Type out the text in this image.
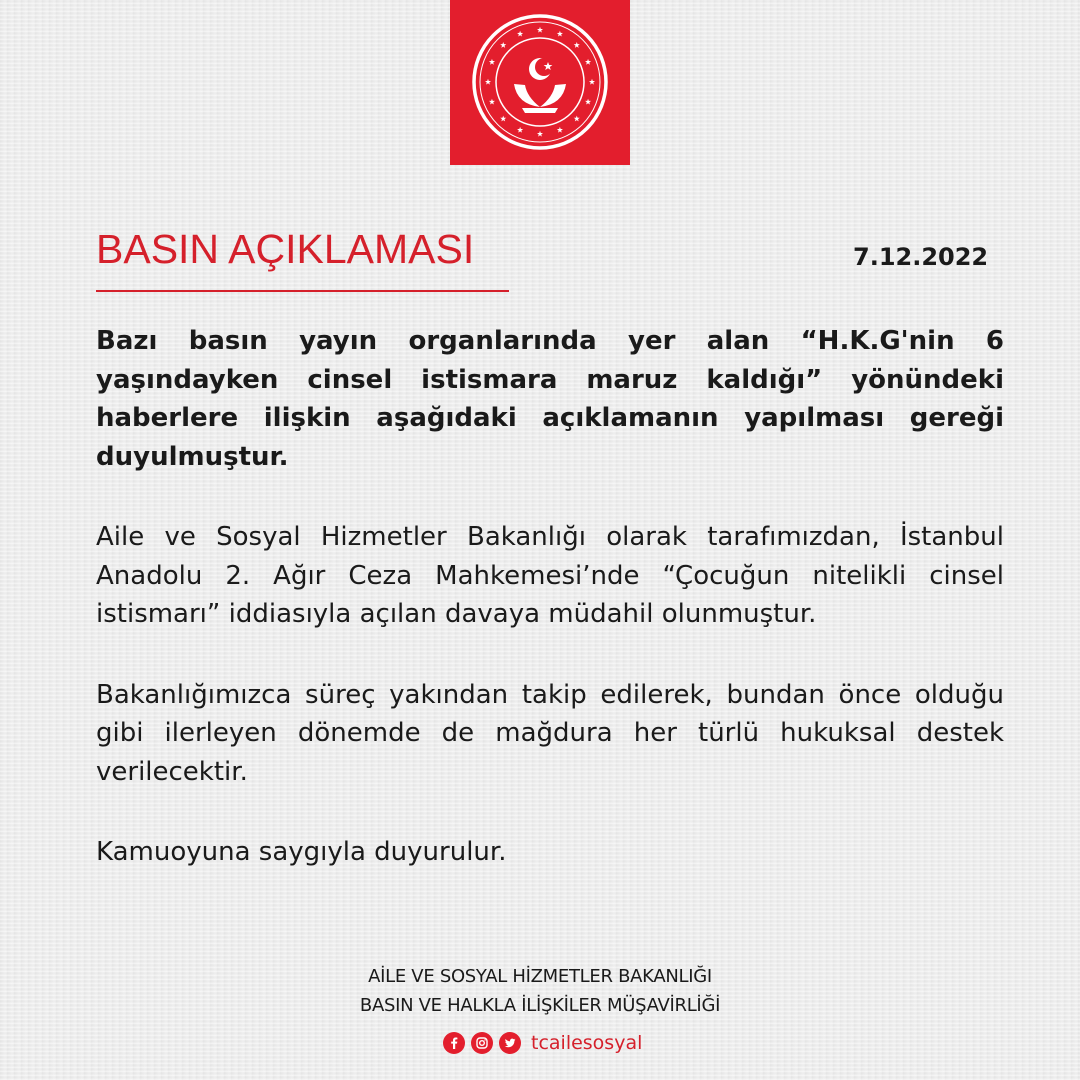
BASIN AÇIKLAMASI	7.12.2022

Bazı basın yayın organlarında yer alan “H.K.G'nin 6 yaşındayken cinsel istismara maruz kaldığı” yönündeki haberlere ilişkin aşağıdaki açıklamanın yapılması gereği duyulmuştur.

Aile ve Sosyal Hizmetler Bakanlığı olarak tarafımızdan, İstanbul Anadolu 2. Ağır Ceza Mahkemesi’nde “Çocuğun nitelikli cinsel istismarı” iddiasıyla açılan davaya müdahil olunmuştur.

Bakanlığımızca süreç yakından takip edilerek, bundan önce olduğu gibi ilerleyen dönemde de mağdura her türlü hukuksal destek verilecektir.

Kamuoyuna saygıyla duyurulur.

AİLE VE SOSYAL HİZMETLER BAKANLIĞI
BASIN VE HALKLA İLİŞKİLER MÜŞAVİRLİĞİ
tcailesosyal
